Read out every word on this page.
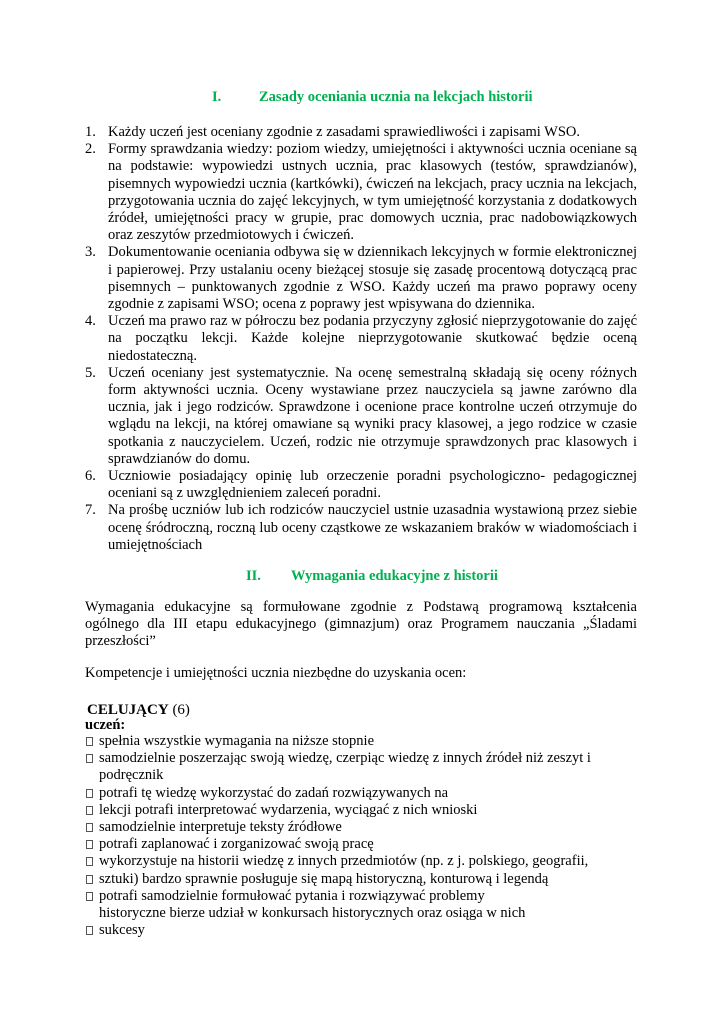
I.	Zasady oceniania ucznia na lekcjach historii
1. Każdy uczeń jest oceniany zgodnie z zasadami sprawiedliwości i zapisami WSO.
2. Formy sprawdzania wiedzy: poziom wiedzy, umiejętności i aktywności ucznia oceniane są na podstawie: wypowiedzi ustnych ucznia, prac klasowych (testów, sprawdzianów), pisemnych wypowiedzi ucznia (kartkówki), ćwiczeń na lekcjach, pracy ucznia na lekcjach, przygotowania ucznia do zajęć lekcyjnych, w tym umiejętność korzystania z dodatkowych źródeł, umiejętności pracy w grupie, prac domowych ucznia, prac nadobowiązkowych oraz zeszytów przedmiotowych i ćwiczeń.
3. Dokumentowanie oceniania odbywa się w dziennikach lekcyjnych w formie elektronicznej i papierowej. Przy ustalaniu oceny bieżącej stosuje się zasadę procentową dotyczącą prac pisemnych – punktowanych zgodnie z WSO. Każdy uczeń ma prawo poprawy oceny zgodnie z zapisami WSO; ocena z poprawy jest wpisywana do dziennika.
4. Uczeń ma prawo raz w półroczu bez podania przyczyny zgłosić nieprzygotowanie do zajęć na początku lekcji. Każde kolejne nieprzygotowanie skutkować będzie oceną niedostateczną.
5. Uczeń oceniany jest systematycznie. Na ocenę semestralną składają się oceny różnych form aktywności ucznia. Oceny wystawiane przez nauczyciela są jawne zarówno dla ucznia, jak i jego rodziców. Sprawdzone i ocenione prace kontrolne uczeń otrzymuje do wglądu na lekcji, na której omawiane są wyniki pracy klasowej, a jego rodzice w czasie spotkania z nauczycielem. Uczeń, rodzic nie otrzymuje sprawdzonych prac klasowych i sprawdzianów do domu.
6. Uczniowie posiadający opinię lub orzeczenie poradni psychologiczno- pedagogicznej oceniani są z uwzględnieniem zaleceń poradni.
7. Na prośbę uczniów lub ich rodziców nauczyciel ustnie uzasadnia wystawioną przez siebie ocenę śródroczną, roczną lub oceny cząstkowe ze wskazaniem braków w wiadomościach i umiejętnościach
II. Wymagania edukacyjne z historii

Wymagania edukacyjne są formułowane zgodnie z Podstawą programową kształcenia ogólnego dla III etapu edukacyjnego (gimnazjum) oraz Programem nauczania „Śladami przeszłości”

Kompetencje i umiejętności ucznia niezbędne do uzyskania ocen:

CELUJĄCY (6)
uczeń:
spełnia wszystkie wymagania na niższe stopnie
samodzielnie poszerzając swoją wiedzę, czerpiąc wiedzę z innych źródeł niż zeszyt i
podręcznik
potrafi tę wiedzę wykorzystać do zadań rozwiązywanych na
lekcji potrafi interpretować wydarzenia, wyciągać z nich wnioski
samodzielnie interpretuje teksty źródłowe
potrafi zaplanować i zorganizować swoją pracę
wykorzystuje na historii wiedzę z innych przedmiotów (np. z j. polskiego, geografii,
sztuki) bardzo sprawnie posługuje się mapą historyczną, konturową i legendą
potrafi samodzielnie formułować pytania i rozwiązywać problemy
historyczne bierze udział w konkursach historycznych oraz osiąga w nich
sukcesy
